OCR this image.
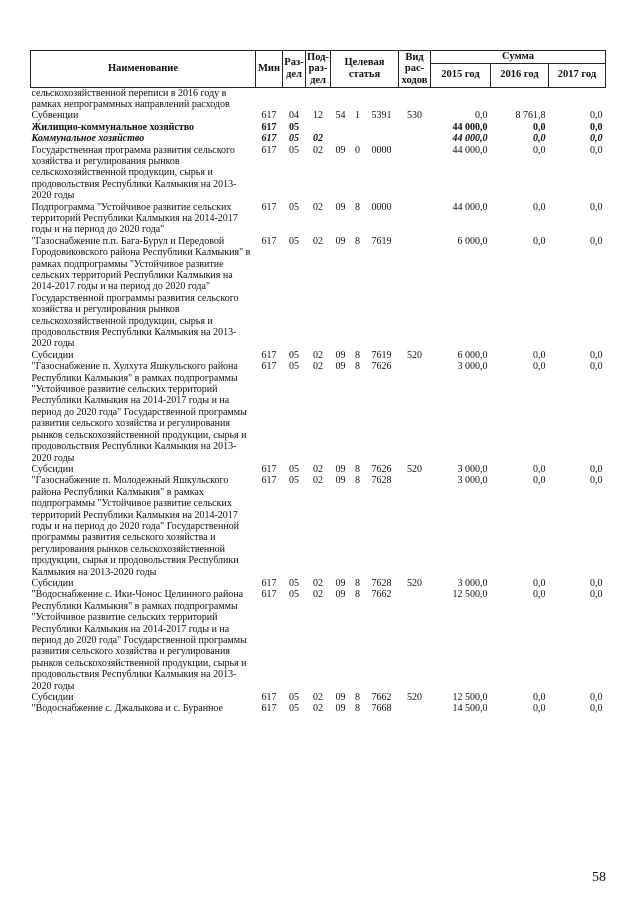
Наименование	Мин	Раз-дел	Под-раз-дел	Целевая статья			Вид рас-ходов	Сумма		
								2015 год	2016 год	2017 год
сельскохозяйственной переписи в 2016 году в рамках непрограммных направлений расходов										
Субвенции	617	04	12	54	1	5391	530	0,0	8 761,8	0,0
Жилищно-коммунальное хозяйство	617	05						44 000,0	0,0	0,0
Коммунальное хозяйство	617	05	02					44 000,0	0,0	0,0
Государственная программа развития сельского хозяйства и регулирования рынков сельскохозяйственной продукции, сырья и продовольствия Республики Калмыкия на 2013-2020 годы	617	05	02	09	0	0000		44 000,0	0,0	0,0
Подпрограмма "Устойчивое развитие сельских территорий Республики Калмыкия на 2014-2017 годы и на период до 2020 года"	617	05	02	09	8	0000		44 000,0	0,0	0,0
"Газоснабжение п.п. Бага-Бурул и Передовой Городовиковского района Республики Калмыкия" в рамках подпрограммы "Устойчивое развитие сельских территорий Республики Калмыкия на 2014-2017 годы и на период до 2020 года" Государственной программы развития сельского хозяйства и регулирования рынков сельскохозяйственной продукции, сырья и продовольствия Республики Калмыкия на 2013-2020 годы	617	05	02	09	8	7619		6 000,0	0,0	0,0
Субсидии	617	05	02	09	8	7619	520	6 000,0	0,0	0,0
"Газоснабжение п. Хулхута Яшкульского района Республики Калмыкия" в рамках подпрограммы "Устойчивое развитие сельских территорий Республики Калмыкия на 2014-2017 годы и на период до 2020 года" Государственной программы развития сельского хозяйства и регулирования рынков сельскохозяйственной продукции, сырья и продовольствия Республики Калмыкия на 2013-2020 годы	617	05	02	09	8	7626		3 000,0	0,0	0,0
Субсидии	617	05	02	09	8	7626	520	3 000,0	0,0	0,0
"Газоснабжение п. Молодежный Яшкульского района Республики Калмыкия" в рамках подпрограммы "Устойчивое развитие сельских территорий Республики Калмыкия на 2014-2017 годы и на период до 2020 года" Государственной программы развития сельского хозяйства и регулирования рынков сельскохозяйственной продукции, сырья и продовольствия Республики Калмыкия на 2013-2020 годы	617	05	02	09	8	7628		3 000,0	0,0	0,0
Субсидии	617	05	02	09	8	7628	520	3 000,0	0,0	0,0
"Водоснабжение с. Ики-Чонос Целинного района Республики Калмыкия" в рамках подпрограммы "Устойчивое развитие сельских территорий Республики Калмыкия на 2014-2017 годы и на период до 2020 года" Государственной программы развития сельского хозяйства и регулирования рынков сельскохозяйственной продукции, сырья и продовольствия Республики Калмыкия на 2013-2020 годы	617	05	02	09	8	7662		12 500,0	0,0	0,0
Субсидии	617	05	02	09	8	7662	520	12 500,0	0,0	0,0
"Водоснабжение с. Джалыкова и с. Буранное	617	05	02	09	8	7668		14 500,0	0,0	0,0
58
